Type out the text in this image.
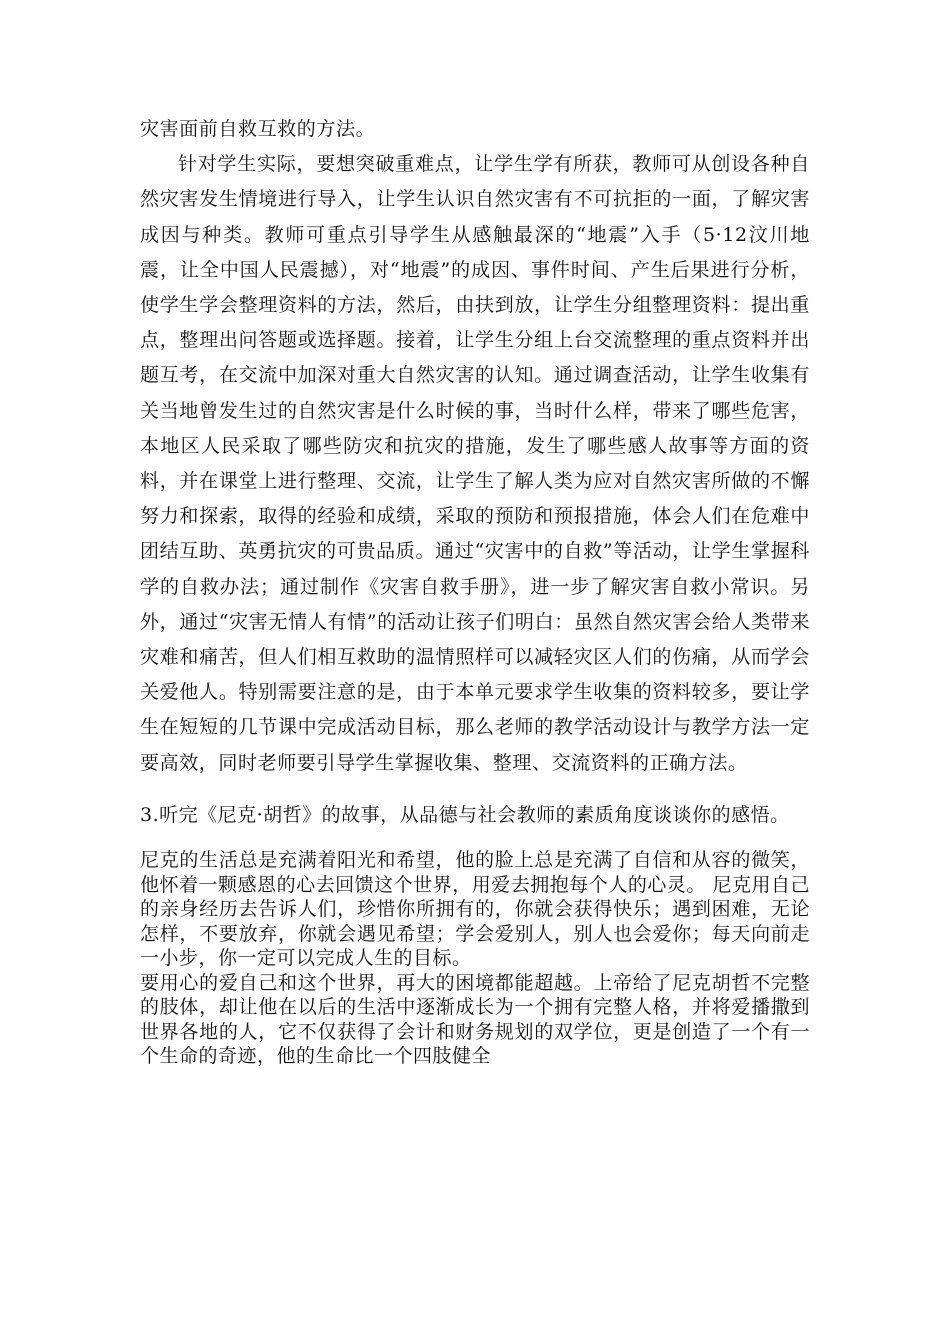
灾害面前自救互救的方法。

针对学生实际，要想突破重难点，让学生学有所获，教师可从创设各种自然灾害发生情境进行导入，让学生认识自然灾害有不可抗拒的一面，了解灾害成因与种类。教师可重点引导学生从感触最深的“地震”入手（5·12汶川地震，让全中国人民震撼），对“地震”的成因、事件时间、产生后果进行分析，使学生学会整理资料的方法，然后，由扶到放，让学生分组整理资料：提出重点，整理出问答题或选择题。接着，让学生分组上台交流整理的重点资料并出题互考，在交流中加深对重大自然灾害的认知。通过调查活动，让学生收集有关当地曾发生过的自然灾害是什么时候的事，当时什么样，带来了哪些危害，本地区人民采取了哪些防灾和抗灾的措施，发生了哪些感人故事等方面的资料，并在课堂上进行整理、交流，让学生了解人类为应对自然灾害所做的不懈努力和探索，取得的经验和成绩，采取的预防和预报措施，体会人们在危难中团结互助、英勇抗灾的可贵品质。通过“灾害中的自救”等活动，让学生掌握科学的自救办法；通过制作《灾害自救手册》，进一步了解灾害自救小常识。另外，通过“灾害无情人有情”的活动让孩子们明白：虽然自然灾害会给人类带来灾难和痛苦，但人们相互救助的温情照样可以减轻灾区人们的伤痛，从而学会关爱他人。特别需要注意的是，由于本单元要求学生收集的资料较多，要让学生在短短的几节课中完成活动目标，那么老师的教学活动设计与教学方法一定要高效，同时老师要引导学生掌握收集、整理、交流资料的正确方法。

3.听完《尼克·胡哲》的故事，从品德与社会教师的素质角度谈谈你的感悟。

尼克的生活总是充满着阳光和希望，他的脸上总是充满了自信和从容的微笑，他怀着一颗感恩的心去回馈这个世界，用爱去拥抱每个人的心灵。 尼克用自己的亲身经历去告诉人们，珍惜你所拥有的，你就会获得快乐；遇到困难，无论怎样，不要放弃，你就会遇见希望；学会爱别人，别人也会爱你；每天向前走一小步，你一定可以完成人生的目标。

要用心的爱自己和这个世界，再大的困境都能超越。上帝给了尼克胡哲不完整的肢体，却让他在以后的生活中逐渐成长为一个拥有完整人格，并将爱播撒到世界各地的人，它不仅获得了会计和财务规划的双学位，更是创造了一个有一个生命的奇迹，他的生命比一个四肢健全
